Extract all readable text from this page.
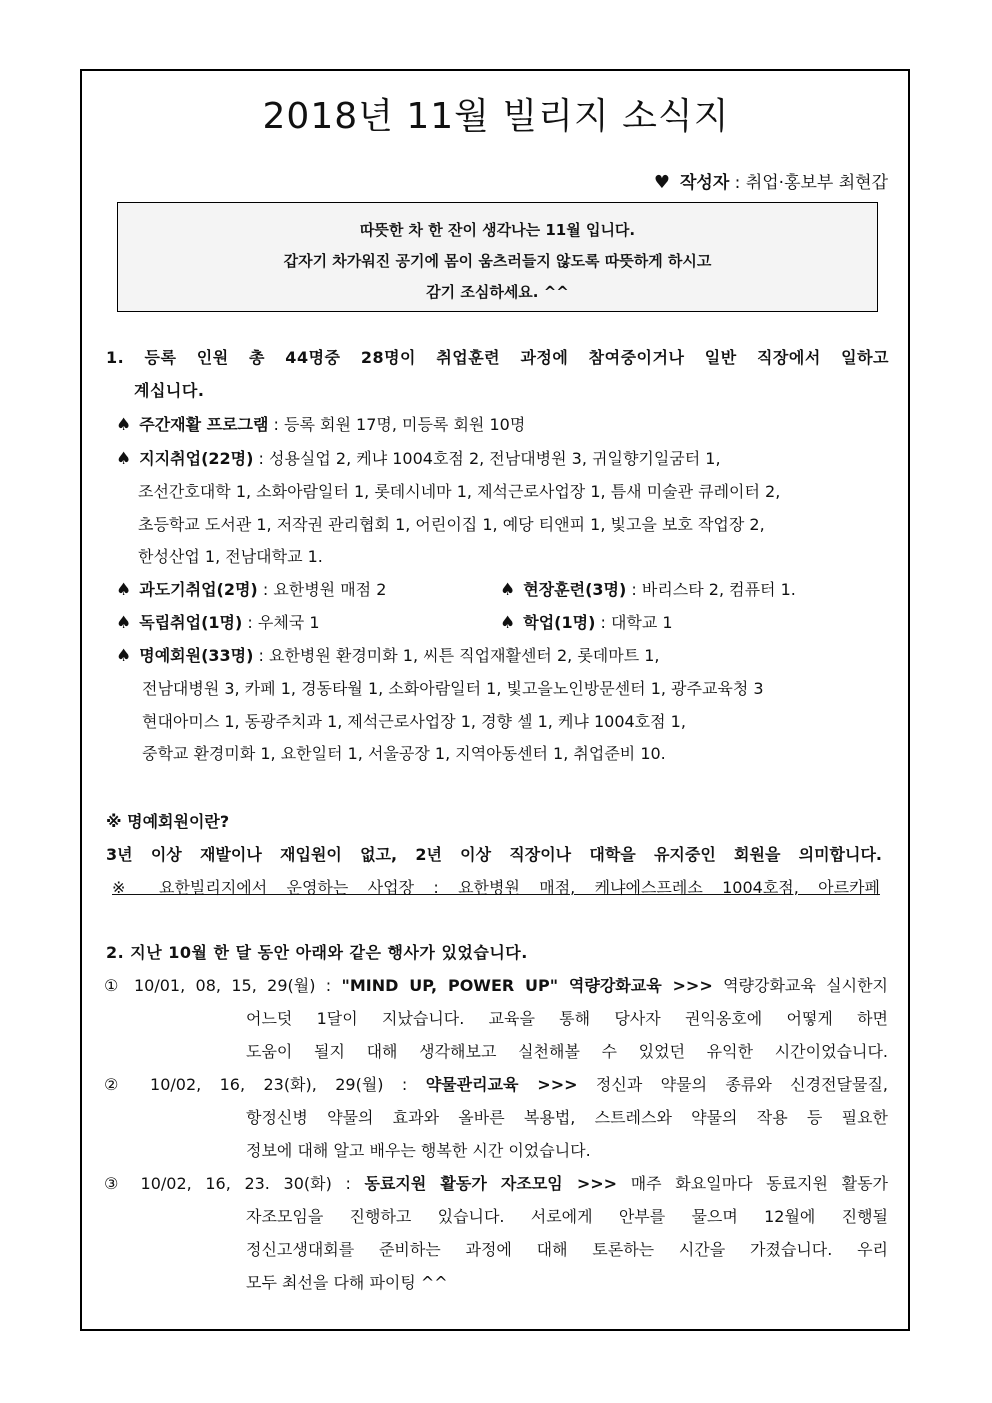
2018년 11월 빌리지 소식지
♥ 작성자 : 취업·홍보부 최현갑
따뜻한 차 한 잔이 생각나는 11월 입니다.
갑자기 차가워진 공기에 몸이 움츠러들지 않도록 따뜻하게 하시고
감기 조심하세요. ^^
1. 등록 인원 총 44명중 28명이 취업훈련 과정에 참여중이거나 일반 직장에서 일하고
계십니다.
♠ 주간재활 프로그램 : 등록 회원 17명, 미등록 회원 10명
♠ 지지취업(22명) : 성용실업 2, 케냐 1004호점 2, 전남대병원 3, 귀일향기일굼터 1,
조선간호대학 1, 소화아람일터 1, 롯데시네마 1, 제석근로사업장 1, 틈새 미술관 큐레이터 2,
초등학교 도서관 1, 저작권 관리협회 1, 어린이집 1, 예당 티앤피 1, 빛고을 보호 작업장 2,
한성산업 1, 전남대학교 1.
♠ 과도기취업(2명) : 요한병원 매점 2	♠ 현장훈련(3명) : 바리스타 2, 컴퓨터 1.
♠ 독립취업(1명) : 우체국 1	♠ 학업(1명) : 대학교 1
♠ 명예회원(33명) : 요한병원 환경미화 1, 씨튼 직업재활센터 2, 롯데마트 1,
전남대병원 3, 카페 1, 경동타월 1, 소화아람일터 1, 빛고을노인방문센터 1, 광주교육청 3
현대아미스 1, 동광주치과 1, 제석근로사업장 1, 경향 셀 1, 케냐 1004호점 1,
중학교 환경미화 1, 요한일터 1, 서울공장 1, 지역아동센터 1, 취업준비 10.
※ 명예회원이란?
3년 이상 재발이나 재입원이 없고, 2년 이상 직장이나 대학을 유지중인 회원을 의미합니다.
※ 요한빌리지에서 운영하는 사업장 : 요한병원 매점, 케냐에스프레소 1004호점, 아르카페
2. 지난 10월 한 달 동안 아래와 같은 행사가 있었습니다.
① 10/01, 08, 15, 29(월) : "MIND UP, POWER UP" 역량강화교육 >>> 역량강화교육 실시한지
어느덧 1달이 지났습니다. 교육을 통해 당사자 권익옹호에 어떻게 하면
도움이 될지 대해 생각해보고 실천해볼 수 있었던 유익한 시간이었습니다.
② 10/02, 16, 23(화), 29(월) : 약물관리교육 >>> 정신과 약물의 종류와 신경전달물질,
항정신병 약물의 효과와 올바른 복용법, 스트레스와 약물의 작용 등 필요한
정보에 대해 알고 배우는 행복한 시간 이었습니다.
③ 10/02, 16, 23. 30(화) : 동료지원 활동가 자조모임 >>> 매주 화요일마다 동료지원 활동가
자조모임을 진행하고 있습니다. 서로에게 안부를 물으며 12월에 진행될
정신고생대회를 준비하는 과정에 대해 토론하는 시간을 가졌습니다. 우리
모두 최선을 다해 파이팅 ^^
